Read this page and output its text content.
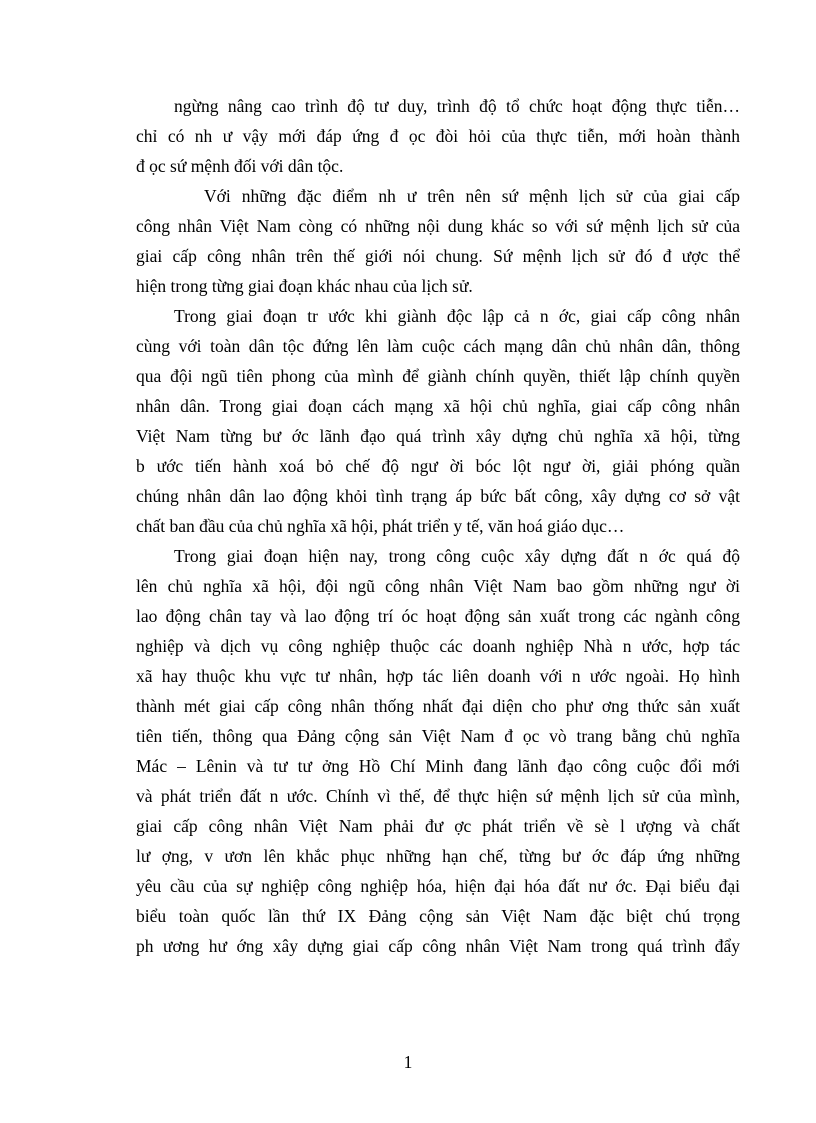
ngừng nâng cao trình độ tư duy, trình độ tổ chức hoạt động thực tiễn…
chỉ có nh ư vậy mới đáp ứng đ ọc đòi hỏi của thực tiễn, mới hoàn thành
đ ọc sứ mệnh đối với dân tộc.

Với những đặc điểm nh ư trên nên sứ mệnh lịch sử của giai cấp
công nhân Việt Nam còng có những nội dung khác so với sứ mệnh lịch sử của
giai cấp công nhân trên thế giới nói chung. Sứ mệnh lịch sử đó đ ược thể
hiện trong từng giai đoạn khác nhau của lịch sử.

Trong giai đoạn tr ước khi giành độc lập cả n ớc, giai cấp công nhân
cùng với toàn dân tộc đứng lên làm cuộc cách mạng dân chủ nhân dân, thông
qua đội ngũ tiên phong của mình để giành chính quyền, thiết lập chính quyền
nhân dân. Trong giai đoạn cách mạng xã hội chủ nghĩa, giai cấp công nhân
Việt Nam từng bư ớc lãnh đạo quá trình xây dựng chủ nghĩa xã hội, từng
b ước tiến hành xoá bỏ chế độ ngư ời bóc lột ngư ời, giải phóng quần
chúng nhân dân lao động khỏi tình trạng áp bức bất công, xây dựng cơ sở vật
chất ban đầu của chủ nghĩa xã hội, phát triển y tế, văn hoá giáo dục…

Trong giai đoạn hiện nay, trong công cuộc xây dựng đất n ớc quá độ
lên chủ nghĩa xã hội, đội ngũ công nhân Việt Nam bao gồm những ngư ời
lao động chân tay và lao động trí óc hoạt động sản xuất trong các ngành công
nghiệp và dịch vụ công nghiệp thuộc các doanh nghiệp Nhà n ước, hợp tác
xã hay thuộc khu vực tư nhân, hợp tác liên doanh với n ước ngoài. Họ hình
thành mét giai cấp công nhân thống nhất đại diện cho phư ơng thức sản xuất
tiên tiến, thông qua Đảng cộng sản Việt Nam đ ọc vò trang bằng chủ nghĩa
Mác – Lênin và tư tư ởng Hồ Chí Minh đang lãnh đạo công cuộc đổi mới
và phát triển đất n ước. Chính vì thế, để thực hiện sứ mệnh lịch sử của mình,
giai cấp công nhân Việt Nam phải đư ợc phát triển về sè l ượng và chất
lư ợng, v ươn lên khắc phục những hạn chế, từng bư ớc đáp ứng những
yêu cầu của sự nghiệp công nghiệp hóa, hiện đại hóa đất nư ớc. Đại biểu đại
biểu toàn quốc lần thứ IX Đảng cộng sản Việt Nam đặc biệt chú trọng
ph ương hư ớng xây dựng giai cấp công nhân Việt Nam trong quá trình đẩy

1
